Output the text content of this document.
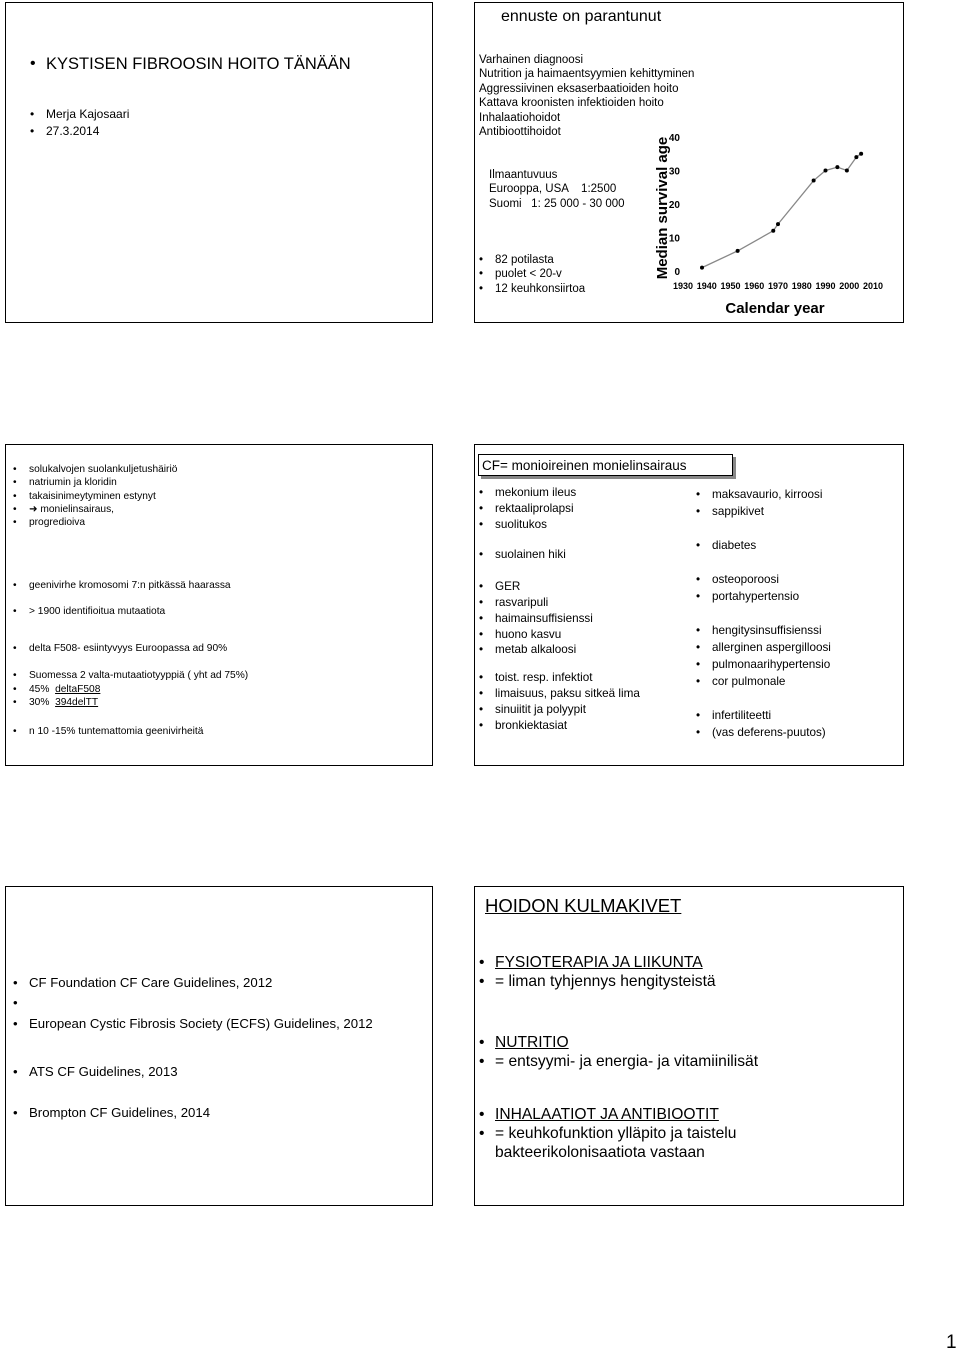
• KYSTISEN FIBROOSIN HOITO TÄNÄÄN
• Merja Kajosaari
• 27.3.2014
ennuste on parantunut
Varhainen diagnoosi
Nutrition ja haimaentsyymien kehittyminen
Aggressiivinen eksaserbaatioiden hoito
Kattava kroonisten infektioiden hoito
Inhalaatiohoidot
Antibioottihoidot
Ilmaantuvuus
Eurooppa, USA    1:2500
Suomi   1: 25 000 - 30 000
• 82 potilasta
• puolet < 20-v
• 12 keuhkonsiirtoa
0
10
20
30
40
1930 1940 1950 1960 1970 1980 1990 2000 2010
Calendar year
Median survival age
• solukalvojen suolankuljetushäiriö
• natriumin ja kloridin
• takaisinimeytyminen estynyt
• ➜ monielinsairaus,
• progredioiva
• geenivirhe kromosomi 7:n pitkässä haarassa
• > 1900 identifioitua mutaatiota
• delta F508- esiintyvyys Euroopassa ad 90%
• Suomessa 2 valta-mutaatiotyyppiä ( yht ad 75%)
• 45%  deltaF508
• 30%  394delTT
• n 10 -15% tuntemattomia geenivirheitä
CF= monioireinen monielinsairaus
• mekonium ileus
• rektaaliprolapsi
• suolitukos
• suolainen hiki
• GER
• rasvaripuli
• haimainsuffisienssi
• huono kasvu
• metab alkaloosi
• toist. resp. infektiot
• limaisuus, paksu sitkeä lima
• sinuiitit ja polyypit
• bronkiektasiat
• maksavaurio, kirroosi
• sappikivet
• diabetes
• osteoporoosi
• portahypertensio
• hengitysinsuffisienssi
• allerginen aspergilloosi
• pulmonaarihypertensio
• cor pulmonale
• infertiliteetti
• (vas deferens-puutos)
• CF Foundation CF Care Guidelines, 2012
•
• European Cystic Fibrosis Society (ECFS) Guidelines, 2012
• ATS CF Guidelines, 2013
• Brompton CF Guidelines, 2014
HOIDON KULMAKIVET
• FYSIOTERAPIA JA LIIKUNTA
• = liman tyhjennys hengitysteistä
• NUTRITIO
• = entsyymi- ja energia- ja vitamiinilisät
• INHALAATIOT JA ANTIBIOOTIT
• = keuhkofunktion ylläpito ja taistelu bakteerikolonisaatiota vastaan
1
